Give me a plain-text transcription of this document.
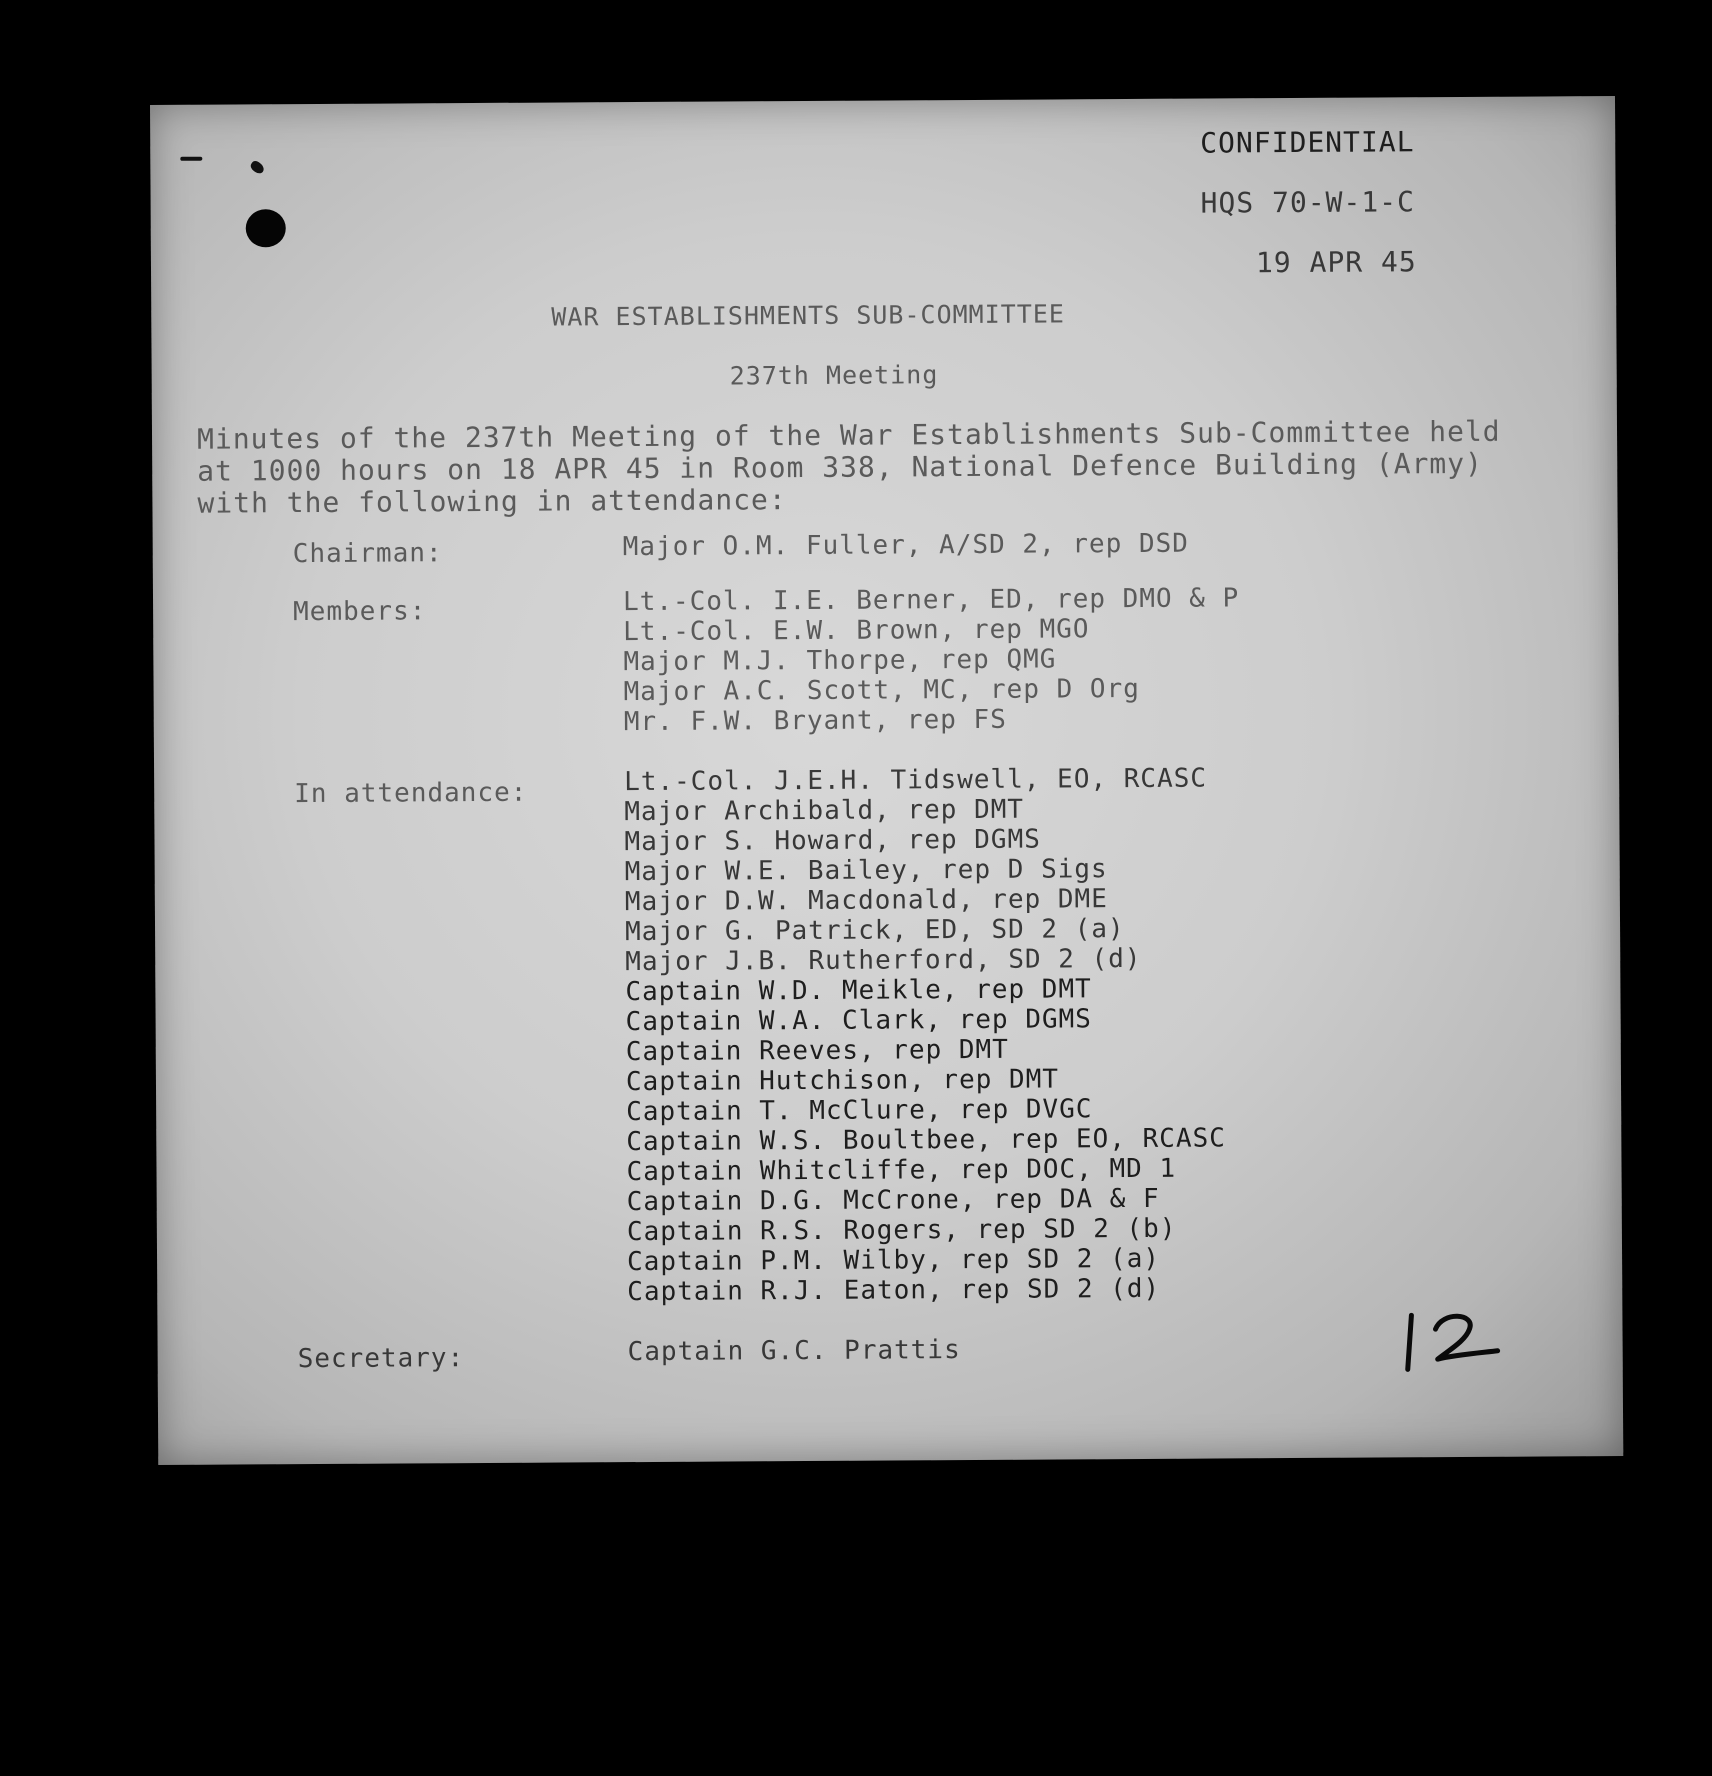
CONFIDENTIAL
HQS 70-W-1-C
19 APR 45
WAR ESTABLISHMENTS SUB-COMMITTEE
237th Meeting
Minutes of the 237th Meeting of the War Establishments Sub-Committee held
at 1000 hours on 18 APR 45 in Room 338, National Defence Building (Army)
with the following in attendance:
Chairman:	Major O.M. Fuller, A/SD 2, rep DSD
Members:	Lt.-Col. I.E. Berner, ED, rep DMO & P
Lt.-Col. E.W. Brown, rep MGO
Major M.J. Thorpe, rep QMG
Major A.C. Scott, MC, rep D Org
Mr. F.W. Bryant, rep FS
In attendance:	Lt.-Col. J.E.H. Tidswell, EO, RCASC
Major Archibald, rep DMT
Major S. Howard, rep DGMS
Major W.E. Bailey, rep D Sigs
Major D.W. Macdonald, rep DME
Major G. Patrick, ED, SD 2 (a)
Major J.B. Rutherford, SD 2 (d)
Captain W.D. Meikle, rep DMT
Captain W.A. Clark, rep DGMS
Captain Reeves, rep DMT
Captain Hutchison, rep DMT
Captain T. McClure, rep DVGC
Captain W.S. Boultbee, rep EO, RCASC
Captain Whitcliffe, rep DOC, MD 1
Captain D.G. McCrone, rep DA & F
Captain R.S. Rogers, rep SD 2 (b)
Captain P.M. Wilby, rep SD 2 (a)
Captain R.J. Eaton, rep SD 2 (d)
Secretary:	Captain G.C. Prattis
